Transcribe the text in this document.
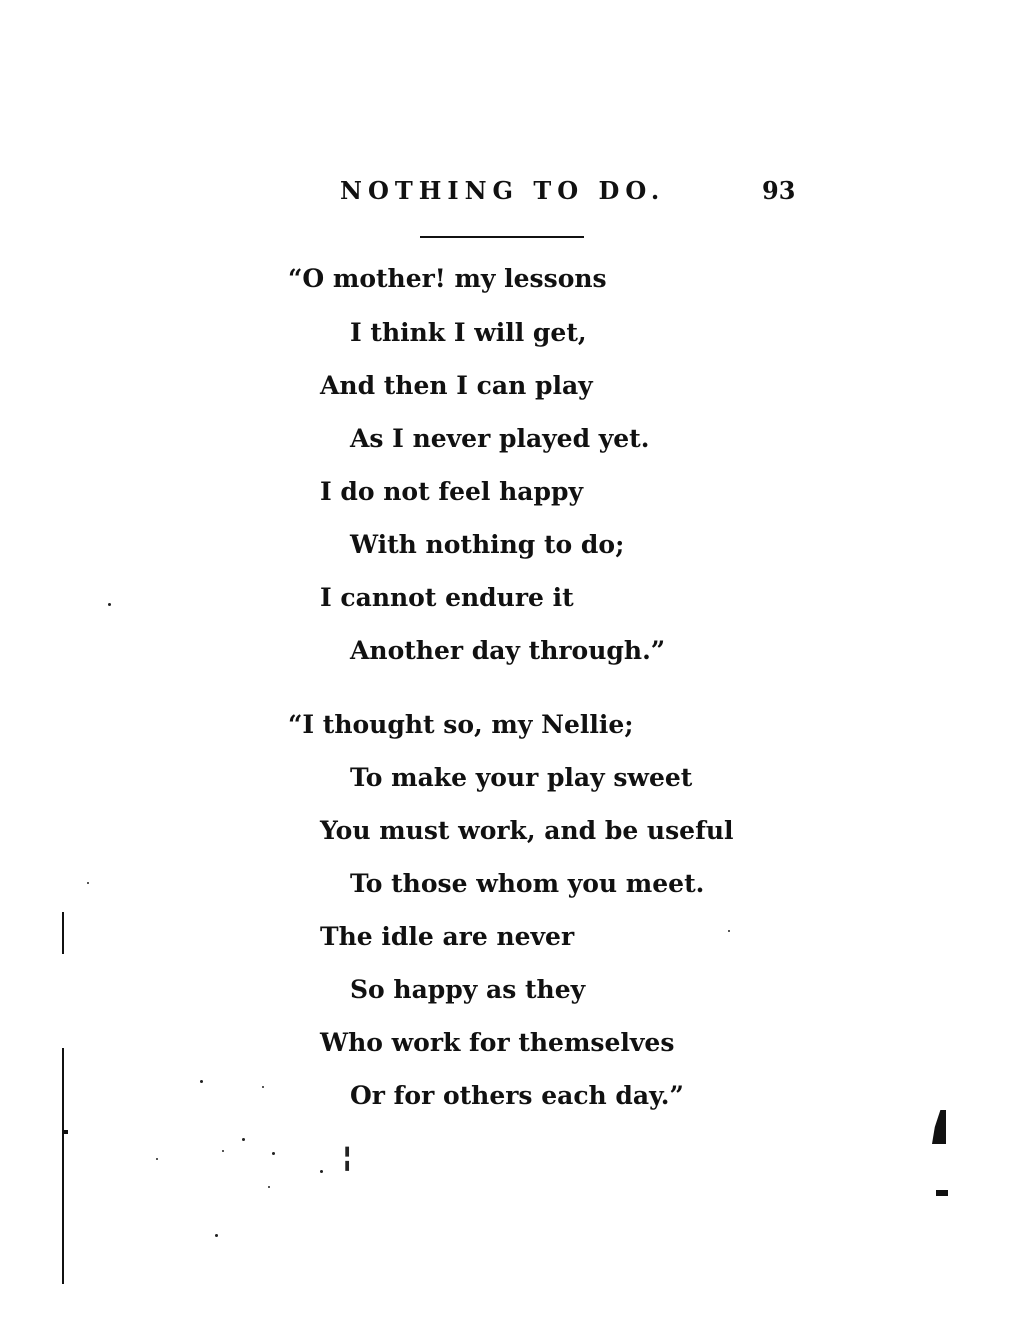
NOTHING TO DO.	93
“O mother! my lessons
I think I will get,
And then I can play
As I never played yet.
I do not feel happy
With nothing to do;
I cannot endure it
Another day through.”
“I thought so, my Nellie;
To make your play sweet
You must work, and be useful
To those whom you meet.
The idle are never
So happy as they
Who work for themselves
Or for others each day.”
╏
